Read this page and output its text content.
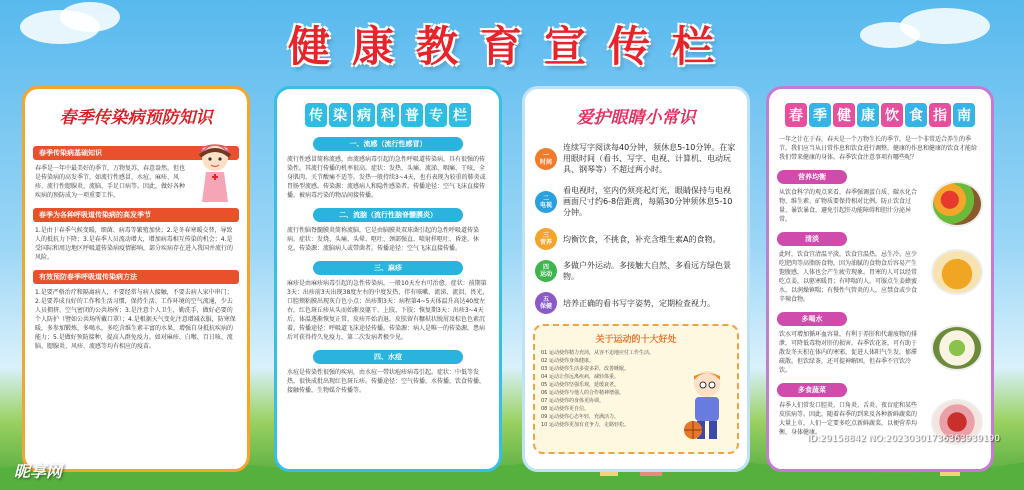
健康教育宣传栏
春季传染病预防知识
春季传染病基础知识
春季是一年中最美好的季节，万物复苏，春意盎然。但也是传染病的高发季节，如流行性感冒、水痘、麻疹、风疹、流行性腮腺炎、流脑、手足口病等。因此，做好各种疾病的预防成为一项重要工作。
春季为各种呼吸道传染病的高发季节
1.是由于春季气候变暖，细菌、病毒等繁殖加快；2.是冬春寒暖交替，导致人的抵抗力下降；3.是春季人员流动增大，增加病毒相互传染的机会；4.是受国际和周边地区呼吸道传染病疫情影响，部分疾病存在进入我国并流行的风险。
有效预防春季呼吸道传染病方法
1.是要严格治疗和隔离病人，不要经常与病人接触，不要去病人家中串门；2.是要养成良好的工作和生活习惯，保持生活、工作环境的空气流通，少去人员拥挤、空气密闭的公共场所；3.是注意个人卫生，勤洗手，做好必要的个人防护（譬如公共场所戴口罩）；4.是根据天气变化注意增减衣服，防寒保暖，多参加锻炼，多喝水，多吃含维生素丰富的水果，增强自身抵抗疾病的能力；5.是做好预防接种，提高人群免疫力。如对麻疹、白喉、百日咳、流脑、腮腺炎、风疹、流感等均有相应的疫苗。
传 染 病 科 普 专 栏
一、流感（流行性感冒）
流行性感冒简称流感，由流感病毒引起的急性呼吸道传染病，具有很强的传染性。其流行传播的机率很高。症状：发热、头痛、流涕、咽痛、干咳，全身肌肉、关节酸痛不适等。发热一般持续3~4天，也有表现为较重的肺炎或胃肠型流感。传染源：流感病人和隐性感染者。传播途径：空气飞沫直接传播，被病毒污染的物品间接传播。
二、流脑（流行性脑脊髓膜炎）
流行性脑脊髓膜炎简称流脑，它是由脑膜炎双球菌引起的急性呼吸道传染病。症状：发烧、头痛、头晕、呕吐、颈部强直、喷射样呕吐、昏迷、休克。传染源：流脑病人或带菌者。传播途径：空气飞沫直接传播。
三、麻疹
麻疹是由麻疹病毒引起的急性传染病，一般10天左右可治愈。症状：前期第3天：出疹前3天出现38度左右的中度发热，伴有咳嗽、流涕、流泪、畏光，口腔颊粘膜出现灰白色小点；出疹期3天：病程第4~5天体温升高达40度左右，红色斑丘疹从头而始渐及躯干、上肢、下肢；恢复期3天：出疹3~4天后，体温逐渐恢复正常，皮疹开始消退，皮肤留有糠麸状脱屑及棕色色素沉着。传播途径：呼吸道飞沫途径传播。传染源：病人是唯一的传染源。患病后可获得持久免疫力，第二次发病者极少见。
四、水痘
水痘是传染性很强的疾病，由水痘一带状疱疹病毒引起。症状：中低等发热，很快成批出现红色斑丘疹。传播途径：空气传播，水传播，饮食传播，接触传播，生物媒介传播等。
爱护眼睛小常识
一
时间
连续写字阅读每40分钟，须休息5-10分钟。在家用眼时间（看书、写字、电视、计算机、电动玩具、钢琴等）不超过两小时。
二
电视
看电视时，室内仍须亮起灯光，眼睛保持与电视画面尺寸约6-8倍距离，每隔30分钟须休息5-10分钟。
三
营养 均衡饮食，不挑食，补充含维生素A的食物。
四
运动
多做户外运动。多接触大自然、多看远方绿色景物。
五
保健 培养正确的看书写字姿势，定期检查视力。
关于运动的十大好处
01 运动使你精力充沛，从容不迫地应付工作生活。
02 运动使你身体健康。
03 运动使你生活多姿多彩，改善睡眠。
04 运动让你远离疾病，减轻体重。
05 运动使你坚强乐观，延缓衰老。
06 运动使你与他人的合作精神增强。
07 运动使你的身体更协调。
08 运动使你更自信。
09 运动使你心态年轻，充满活力。
10 运动使你更加有竞争力，走路轻松。
春 季 健 康 饮 食 指 南
一年之计在于春，春天是一个万物生长的季节，是一个非常适合养生的季节。我们应当从日常作息和饮食进行调整，健康的作息和健康的饮食才能给我们带来健康的身体。春季饮食注意事项有哪些呢？
营养均衡
从饮食科学的观点来看，春季强调蛋白质、碳水化合物、维生素、矿物质要保持相对比例，防止饮食过量、暴饮暴食，避免引起肝功能障碍和胆汁分泌异常。
清淡
此时，饮食宜清温平淡，饮食宜温热，忌生冷。应少吃肥肉等高脂肪食物，因为油腻的食物食后容易产生饱腹感，人体也会产生疲劳现象。胃寒的人可以经常吃点姜，以驱寒暖胃；有哮喘的人，可服点生姜蜂蜜水，以润燥镇喘；有慢性气管炎的人，应禁食或少食辛辣食物。
多喝水
饮水可增加循环血容量，有利于养肝和代谢废物的排泄，可降低毒物对肝的损害。春季饮花茶，可有助于散发冬天积在体内的寒邪，促进人体阳气生发，郁滞疏散。但饮绿茶，还可提神解困，但春季不宜饮冷饮。
多食蔬菜
春季人们常发口腔炎、口角炎、舌炎、夜盲症和某些皮肤病等。因此，随着春季的到来及各种新鲜蔬菜的大量上市，人们一定要多吃点新鲜蔬菜，以便营养均衡，身体健康。
昵享网
ID:29158842 NO:20230301736363939190
